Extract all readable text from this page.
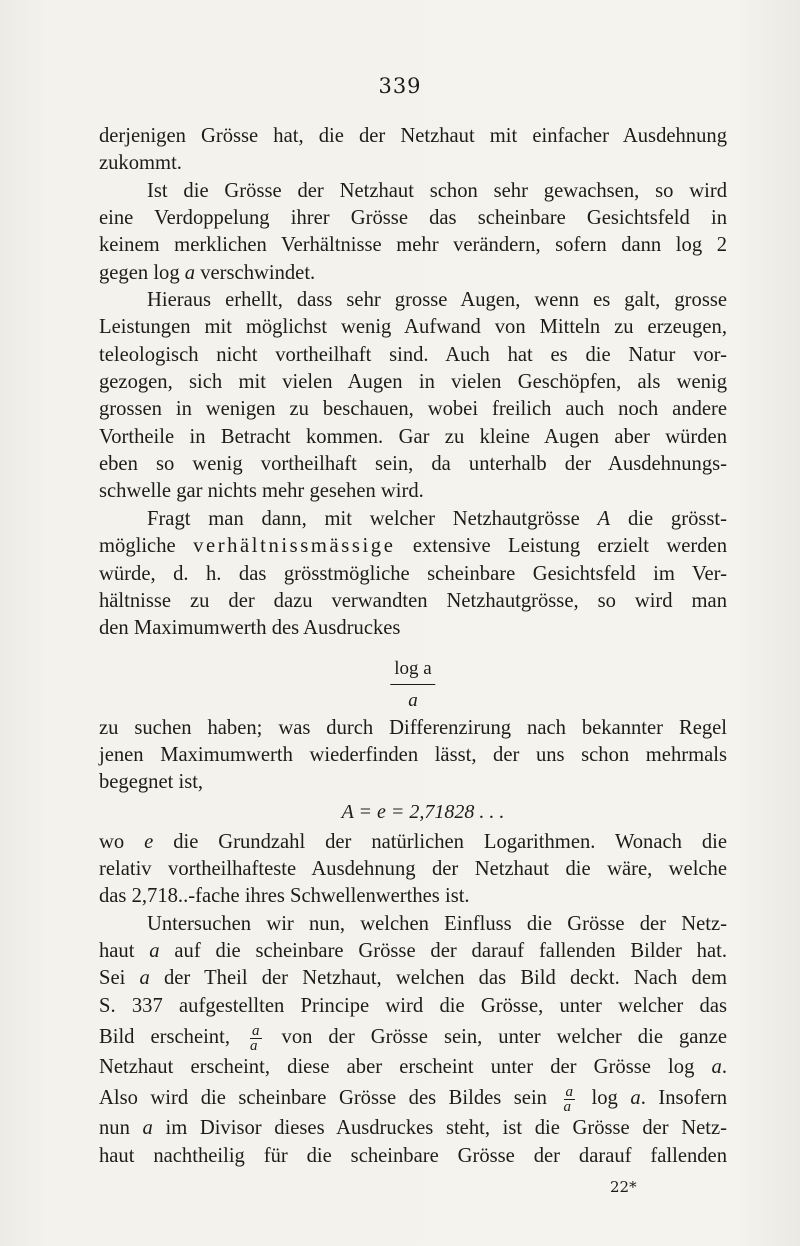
339
derjenigen Grösse hat, die der Netzhaut mit einfacher Ausdehnung
zukommt.
Ist die Grösse der Netzhaut schon sehr gewachsen, so wird
eine Verdoppelung ihrer Grösse das scheinbare Gesichtsfeld in
keinem merklichen Verhältnisse mehr verändern, sofern dann log 2
gegen log a verschwindet.
Hieraus erhellt, dass sehr grosse Augen, wenn es galt, grosse
Leistungen mit möglichst wenig Aufwand von Mitteln zu erzeugen,
teleologisch nicht vortheilhaft sind. Auch hat es die Natur vor-
gezogen, sich mit vielen Augen in vielen Geschöpfen, als wenig
grossen in wenigen zu beschauen, wobei freilich auch noch andere
Vortheile in Betracht kommen. Gar zu kleine Augen aber würden
eben so wenig vortheilhaft sein, da unterhalb der Ausdehnungs-
schwelle gar nichts mehr gesehen wird.
Fragt man dann, mit welcher Netzhautgrösse A die grösst-
mögliche verhältnissmässige extensive Leistung erzielt werden
würde, d. h. das grösstmögliche scheinbare Gesichtsfeld im Ver-
hältnisse zu der dazu verwandten Netzhautgrösse, so wird man
den Maximumwerth des Ausdruckes
$\frac{\text{log a}}{a}$
zu suchen haben; was durch Differenzirung nach bekannter Regel
jenen Maximumwerth wiederfinden lässt, der uns schon mehrmals
begegnet ist,
A = e = 2,71828 . . .
wo e die Grundzahl der natürlichen Logarithmen. Wonach die
relativ vortheilhafteste Ausdehnung der Netzhaut die wäre, welche
das 2,718..-fache ihres Schwellenwerthes ist.
Untersuchen wir nun, welchen Einfluss die Grösse der Netz-
haut a auf die scheinbare Grösse der darauf fallenden Bilder hat.
Sei a der Theil der Netzhaut, welchen das Bild deckt. Nach dem
S. 337 aufgestellten Principe wird die Grösse, unter welcher das
Bild erscheint, $\frac{a}{a}$ von der Grösse sein, unter welcher die ganze
Netzhaut erscheint, diese aber erscheint unter der Grösse log a.
Also wird die scheinbare Grösse des Bildes sein $\frac{a}{a}$ log a. Insofern
nun a im Divisor dieses Ausdruckes steht, ist die Grösse der Netz-
haut nachtheilig für die scheinbare Grösse der darauf fallenden
22*
